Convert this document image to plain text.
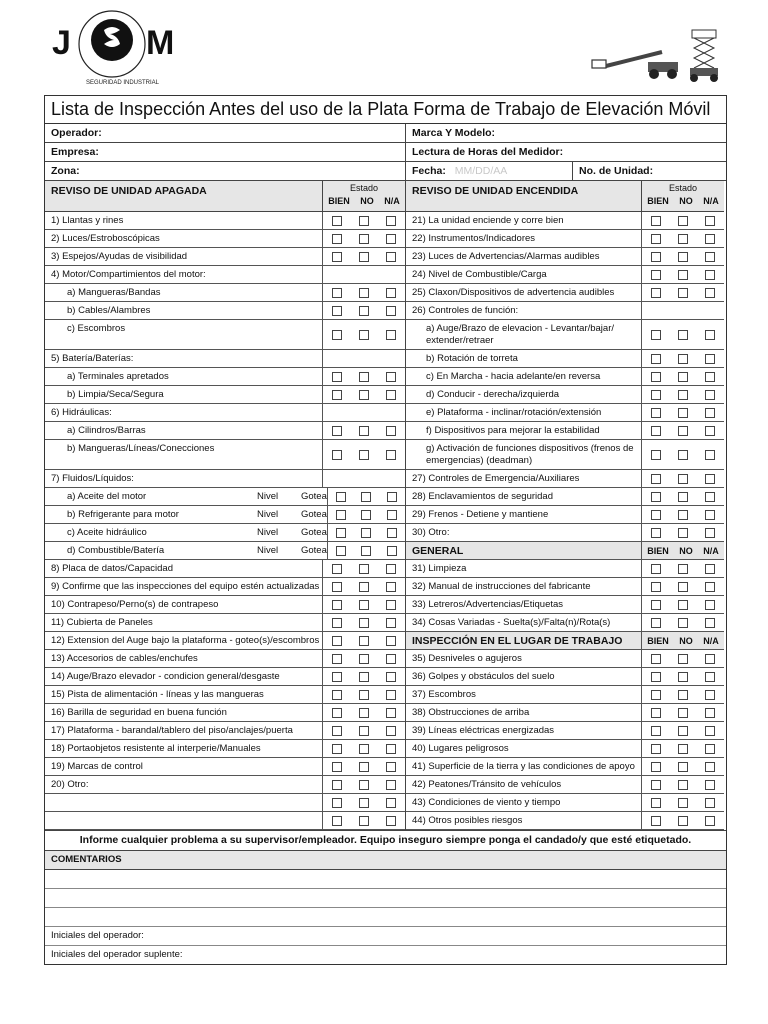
J M
SEGURIDAD INDUSTRIAL
Lista de Inspección Antes del uso de la Plata Forma de Trabajo de Elevación Móvil
Operador:	Marca Y Modelo:
Empresa:	Lectura de Horas del Medidor:
Zona:	Fecha: MM/DD/AA	No. de Unidad:
REVISO DE UNIDAD APAGADA	Estado
BIEN NO N/A
1) Llantas y rines
2) Luces/Estroboscópicas
3) Espejos/Ayudas de visibilidad
4) Motor/Compartimientos del motor:
a) Mangueras/Bandas
b) Cables/Alambres
c) Escombros
5) Batería/Baterías:
a) Terminales apretados
b) Limpia/Seca/Segura
6) Hidráulicas:
a) Cilindros/Barras
b) Mangueras/Líneas/Conecciones
7) Fluidos/Líquidos:
a) Aceite del motor	Nivel	Gotea
b) Refrigerante para motor	Nivel	Gotea
c) Aceite hidráulico	Nivel	Gotea
d) Combustible/Batería	Nivel	Gotea
8) Placa de datos/Capacidad
9) Confirme que las inspecciones del equipo estén actualizadas
10) Contrapeso/Perno(s) de contrapeso
11) Cubierta de Paneles
12) Extension del Auge bajo la plataforma - goteo(s)/escombros
13) Accesorios de cables/enchufes
14) Auge/Brazo elevador - condicion general/desgaste
15) Pista de alimentación - líneas y las mangueras
16) Barilla de seguridad en buena función
17) Plataforma - barandal/tablero del piso/anclajes/puerta
18) Portaobjetos resistente al interperie/Manuales
19) Marcas de control
20) Otro:
REVISO DE UNIDAD ENCENDIDA	Estado
BIEN NO N/A
21) La unidad enciende y corre bien
22) Instrumentos/Indicadores
23) Luces de Advertencias/Alarmas audibles
24) Nivel de Combustible/Carga
25) Claxon/Dispositivos de advertencia audibles
26) Controles de función:
a) Auge/Brazo de elevacion - Levantar/bajar/ extender/retraer
b) Rotación de torreta
c) En Marcha - hacia adelante/en reversa
d) Conducir - derecha/izquierda
e) Plataforma - inclinar/rotación/extensión
f) Dispositivos para mejorar la estabilidad
g) Activación de funciones dispositivos (frenos de emergencias) (deadman)
27) Controles de Emergencia/Auxiliares
28) Enclavamientos de seguridad
29) Frenos - Detiene y mantiene
30) Otro:
GENERAL	BIEN NO N/A
31) Limpieza
32) Manual de instrucciones del fabricante
33) Letreros/Advertencias/Etiquetas
34) Cosas Variadas - Suelta(s)/Falta(n)/Rota(s)
INSPECCIÓN EN EL LUGAR DE TRABAJO	BIEN NO N/A
35) Desniveles o agujeros
36) Golpes y obstáculos del suelo
37) Escombros
38) Obstrucciones de arriba
39) Líneas eléctricas energizadas
40) Lugares peligrosos
41) Superficie de la tierra y las condiciones de apoyo
42) Peatones/Tránsito de vehículos
43) Condiciones de viento y tiempo
44) Otros posibles riesgos
Informe cualquier problema a su supervisor/empleador. Equipo inseguro siempre ponga el candado/y que esté etiquetado.
COMENTARIOS
Iniciales del operador:
Iniciales del operador suplente:
